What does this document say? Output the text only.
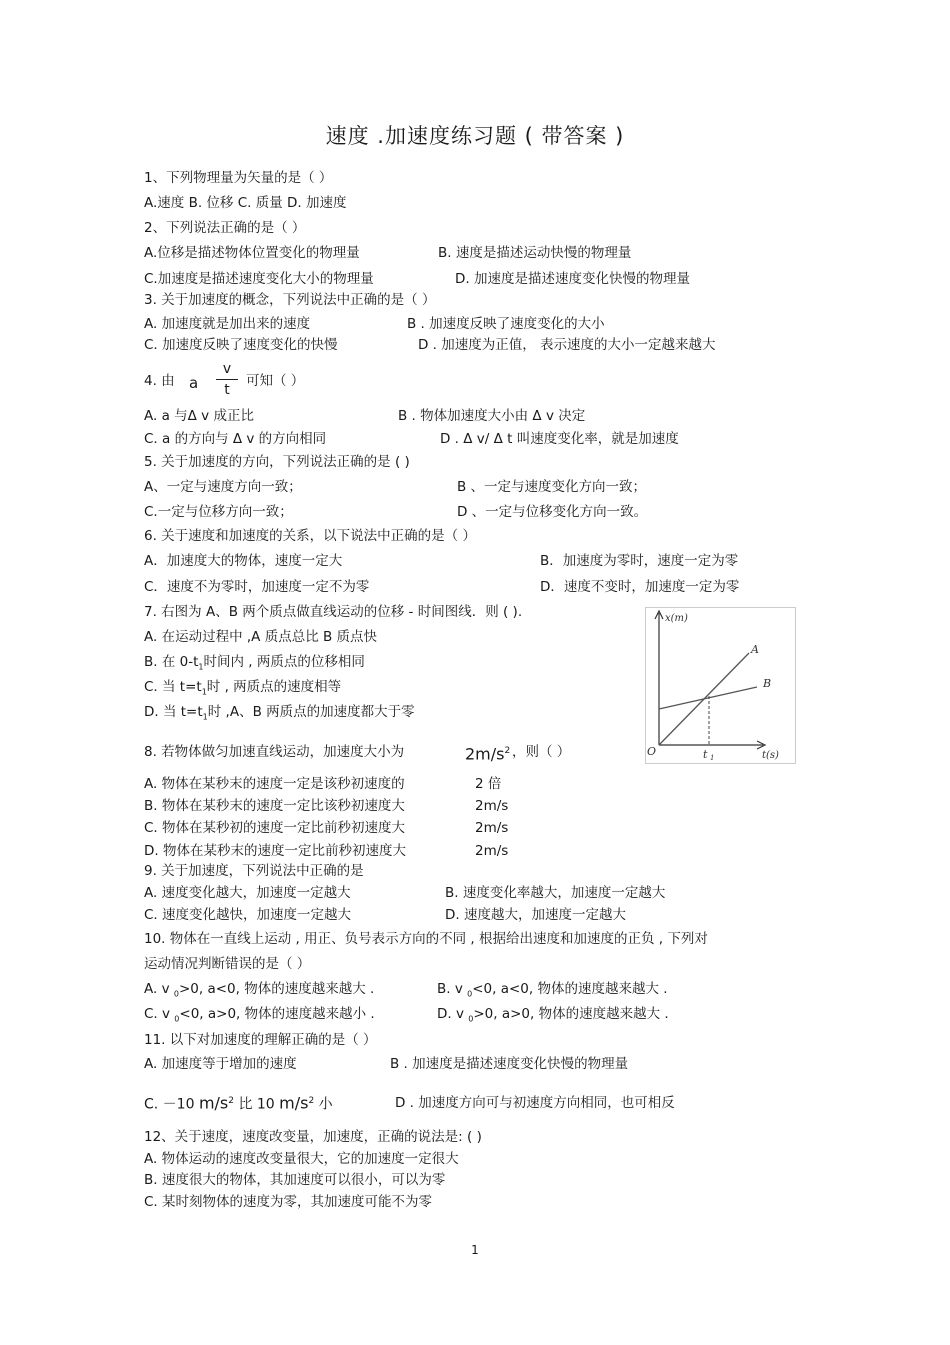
速度 .加速度练习题 ( 带答案 )
1、下列物理量为矢量的是（ ）
A.速度 B. 位移 C. 质量 D. 加速度
2、下列说法正确的是（ ）
A.位移是描述物体位置变化的物理量	B. 速度是描述运动快慢的物理量
C.加速度是描述速度变化大小的物理量	D. 加速度是描述速度变化快慢的物理量
3. 关于加速度的概念，下列说法中正确的是（ ）
A. 加速度就是加出来的速度	B . 加速度反映了速度变化的大小
C. 加速度反映了速度变化的快慢	D . 加速度为正值， 表示速度的大小一定越来越大
4. 由 a
v
t
可知（ ）
A. a 与Δ v 成正比	B . 物体加速度大小由 Δ v 决定
C. a 的方向与 Δ v 的方向相同	D . Δ v/ Δ t 叫速度变化率，就是加速度
5. 关于加速度的方向，下列说法正确的是 ( )
A、一定与速度方向一致；	B 、一定与速度变化方向一致；
C.一定与位移方向一致；	D 、一定与位移变化方向一致。
6. 关于速度和加速度的关系，以下说法中正确的是（ ）
A．加速度大的物体，速度一定大	B．加速度为零时，速度一定为零
C．速度不为零时，加速度一定不为零	D．速度不变时，加速度一定为零
7. 右图为 A、B 两个质点做直线运动的位移 - 时间图线．则 ( ).
A. 在运动过程中 ,A 质点总比 B 质点快
B. 在 $0-t_1$时间内 , 两质点的位移相同
C. 当 $t=t_1$时 , 两质点的速度相等
D. 当 $t=t_1$时 ,A、B 两质点的加速度都大于零
x(m)
t(s)
O	t 1
A
B
8. 若物体做匀加速直线运动，加速度大小为	$2m/s^2$ ，则（ ）
A. 物体在某秒末的速度一定是该秒初速度的	2 倍
B. 物体在某秒末的速度一定比该秒初速度大	2m/s
C. 物体在某秒初的速度一定比前秒初速度大	2m/s
D. 物体在某秒末的速度一定比前秒初速度大	2m/s
9. 关于加速度，下列说法中正确的是
A. 速度变化越大，加速度一定越大	B. 速度变化率越大，加速度一定越大
C. 速度变化越快，加速度一定越大	D. 速度越大，加速度一定越大
10. 物体在一直线上运动 , 用正、负号表示方向的不同 , 根据给出速度和加速度的正负 , 下列对
运动情况判断错误的是（ ）
A. v $_0$>0, a<0, 物体的速度越来越大 .	B. v $_0$<0, a<0, 物体的速度越来越大 .
C. v $_0$<0, a>0, 物体的速度越来越小 .	D. v $_0$>0, a>0, 物体的速度越来越大 .
11. 以下对加速度的理解正确的是（ ）
A. 加速度等于增加的速度	B . 加速度是描述速度变化快慢的物理量
C. －10 $m/s^2$ 比 10 $m/s^2$ 小	D . 加速度方向可与初速度方向相同，也可相反
12、关于速度，速度改变量，加速度，正确的说法是: ( )
A. 物体运动的速度改变量很大，它的加速度一定很大
B. 速度很大的物体，其加速度可以很小，可以为零
C. 某时刻物体的速度为零，其加速度可能不为零
1
